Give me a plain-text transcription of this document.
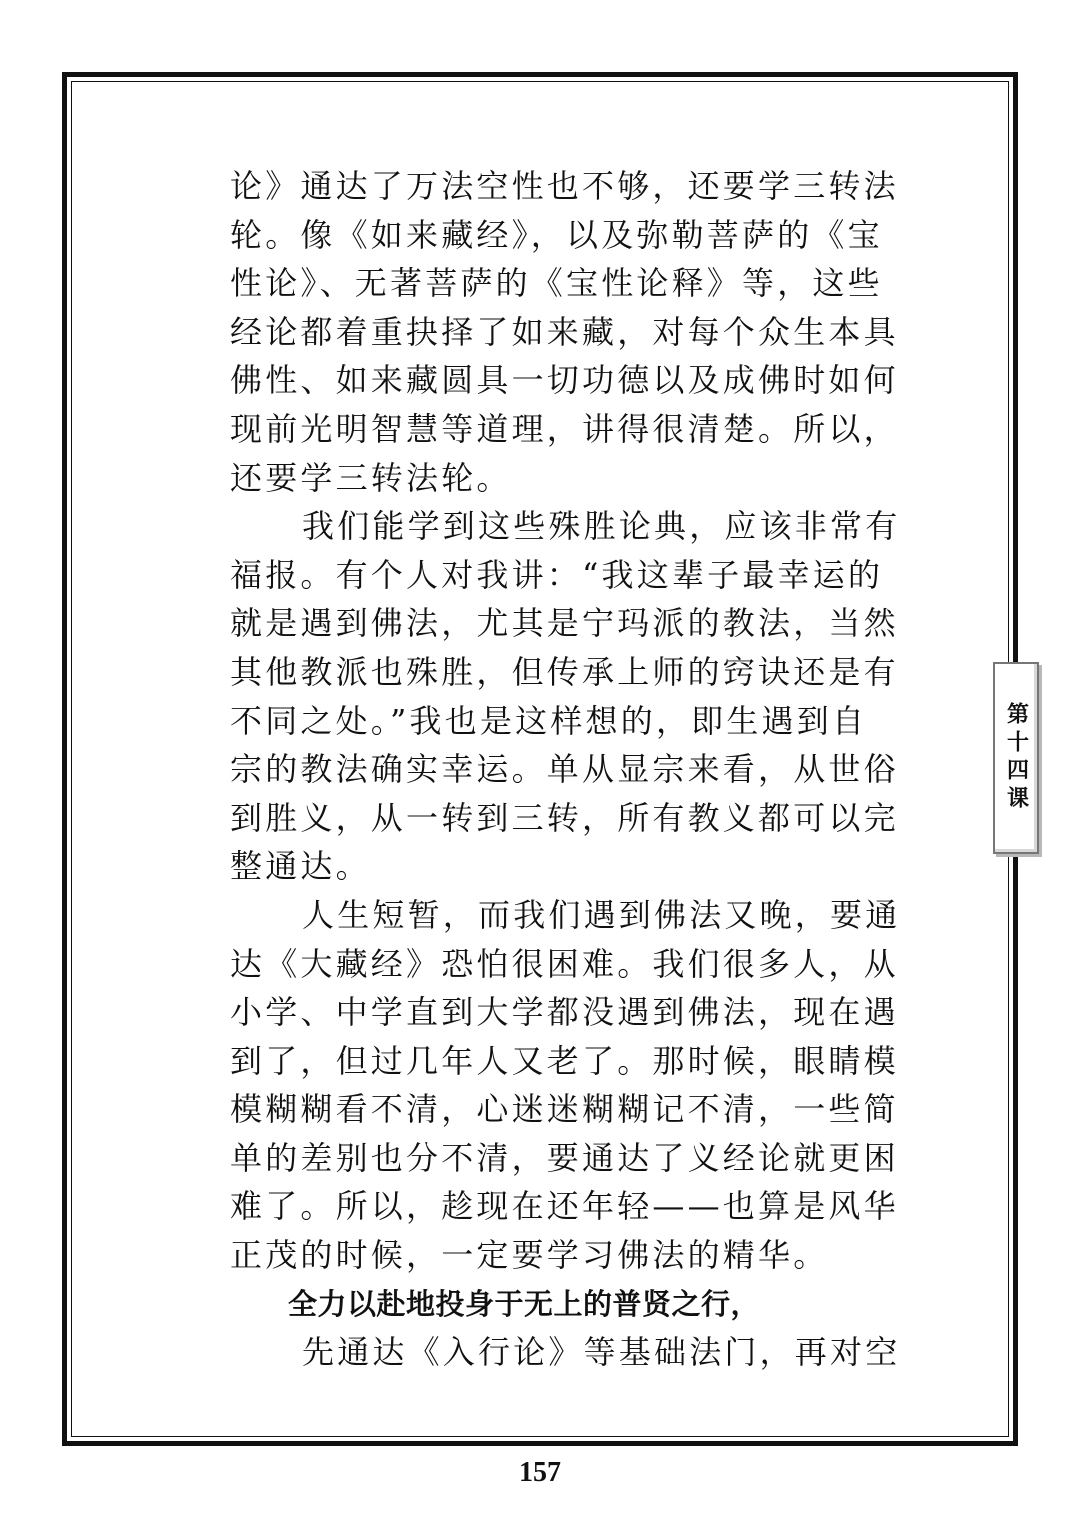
论》通达了万法空性也不够，还要学三转法
轮。像《如来藏经》，以及弥勒菩萨的《宝
性论》、无著菩萨的《宝性论释》等，这些
经论都着重抉择了如来藏，对每个众生本具
佛性、如来藏圆具一切功德以及成佛时如何
现前光明智慧等道理，讲得很清楚。所以，
还要学三转法轮。
我们能学到这些殊胜论典，应该非常有
福报。有个人对我讲：“我这辈子最幸运的
就是遇到佛法，尤其是宁玛派的教法，当然
其他教派也殊胜，但传承上师的窍诀还是有
不同之处。”我也是这样想的，即生遇到自
宗的教法确实幸运。单从显宗来看，从世俗
到胜义，从一转到三转，所有教义都可以完
整通达。
人生短暂，而我们遇到佛法又晚，要通
达《大藏经》恐怕很困难。我们很多人，从
小学、中学直到大学都没遇到佛法，现在遇
到了，但过几年人又老了。那时候，眼睛模
模糊糊看不清，心迷迷糊糊记不清，一些简
单的差别也分不清，要通达了义经论就更困
难了。所以，趁现在还年轻——也算是风华
正茂的时候，一定要学习佛法的精华。
全力以赴地投身于无上的普贤之行，
先通达《入行论》等基础法门，再对空
第十四课
157
